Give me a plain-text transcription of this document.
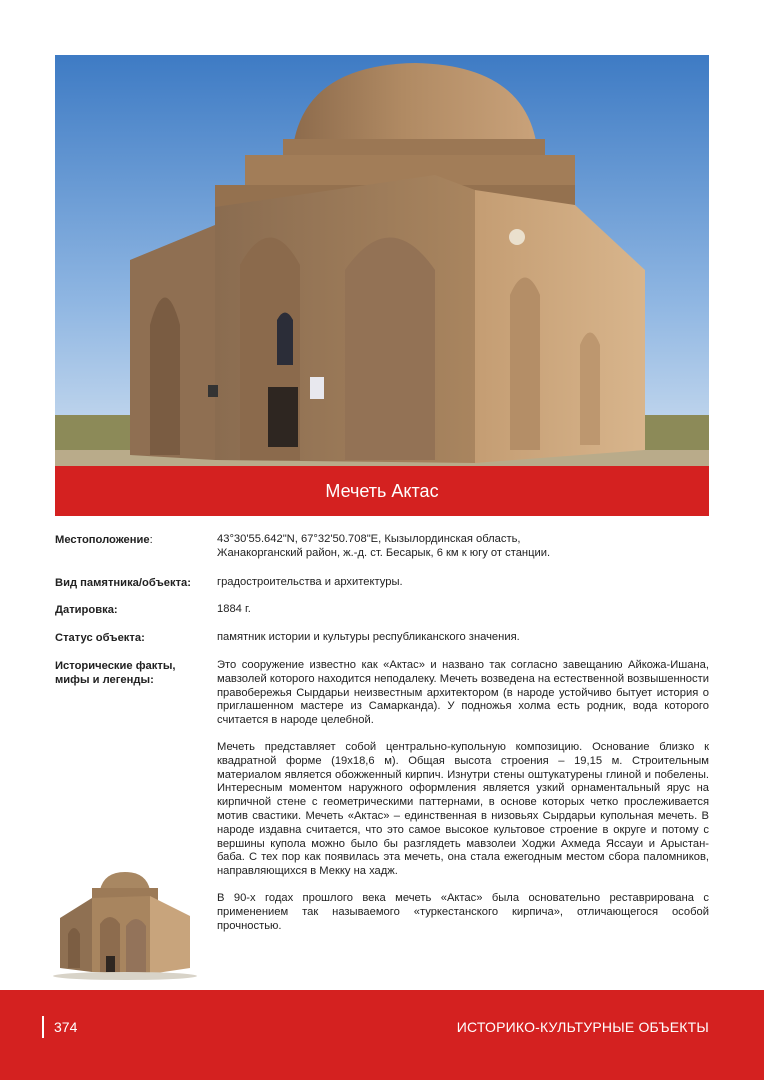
Мечеть Актас
Местоположение:	43°30'55.642"N, 67°32'50.708"E, Кызылординская область,
Жанакорганский район, ж.-д. ст. Бесарык, 6 км к югу от станции.
Вид памятника/объекта:	градостроительства и архитектуры.
Датировка:	1884 г.
Статус объекта:	памятник истории и культуры республиканского значения.
Исторические факты,
мифы и легенды:

Это сооружение известно как «Актас» и названо так согласно завещанию Айкожа-Ишана, мавзолей которого находится неподалеку. Мечеть возведена на естественной возвышенности правобережья Сырдарьи неизвестным архитектором (в народе устойчиво бытует история о приглашенном мастере из Самарканда). У подножья холма есть родник, вода которого считается в народе целебной.

Мечеть представляет собой центрально-купольную композицию. Основание близко к квадратной форме (19х18,6 м). Общая высота строения – 19,15 м. Строительным материалом является обожженный кирпич. Изнутри стены оштукатурены глиной и побелены. Интересным моментом наружного оформления является узкий орнаментальный ярус на кирпичной стене с геометрическими паттернами, в основе которых четко прослеживается мотив свастики. Мечеть «Актас» – единственная в низовьях Сырдарьи купольная мечеть. В народе издавна считается, что это самое высокое культовое строение в округе и потому с вершины купола можно было бы разглядеть мавзолеи Ходжи Ахмеда Яссауи и Арыстан-баба. С тех пор как появилась эта мечеть, она стала ежегодным местом сбора паломников, направляющихся в Мекку на хадж.

В 90-х годах прошлого века мечеть «Актас» была основательно реставрирована с применением так называемого «туркестанского кирпича», отличающегося особой прочностью.

374	ИСТОРИКО-КУЛЬТУРНЫЕ ОБЪЕКТЫ
